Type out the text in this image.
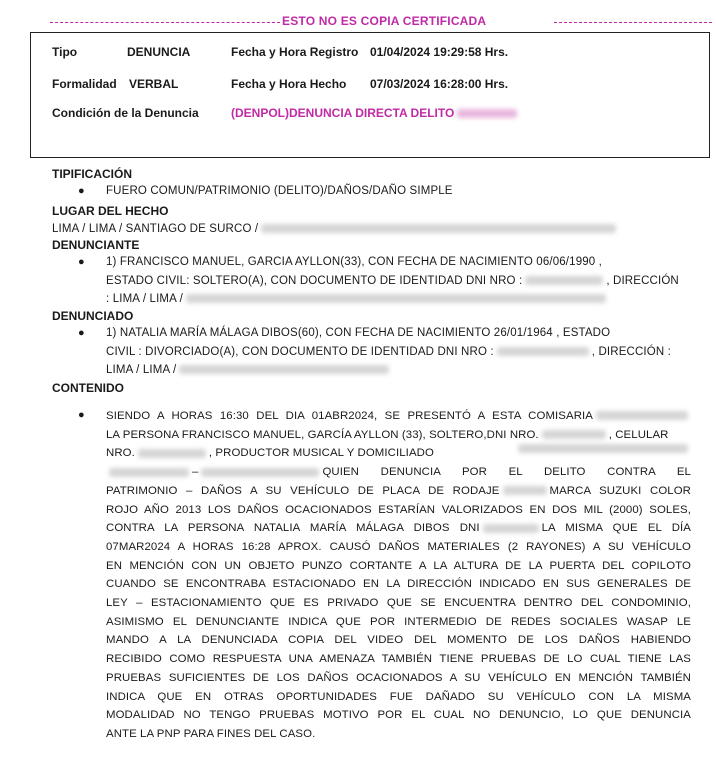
ESTO NO ES COPIA CERTIFICADA
Tipo	DENUNCIA	Fecha y Hora Registro 01/04/2024 19:29:58 Hrs.
Formalidad VERBAL	Fecha y Hora Hecho 07/03/2024 16:28:00 Hrs.
Condición de la Denuncia	(DENPOL)DENUNCIA DIRECTA DELITO
TIPIFICACIÓN
● FUERO COMUN/PATRIMONIO (DELITO)/DAÑOS/DAÑO SIMPLE
LUGAR DEL HECHO
LIMA / LIMA / SANTIAGO DE SURCO /
DENUNCIANTE
● 1) FRANCISCO MANUEL, GARCIA AYLLON(33), CON FECHA DE NACIMIENTO 06/06/1990 ,
ESTADO CIVIL: SOLTERO(A), CON DOCUMENTO DE IDENTIDAD DNI NRO :	, DIRECCIÓN
: LIMA / LIMA /
DENUNCIADO
● 1) NATALIA MARÍA MÁLAGA DIBOS(60), CON FECHA DE NACIMIENTO 26/01/1964 , ESTADO
CIVIL : DIVORCIADO(A), CON DOCUMENTO DE IDENTIDAD DNI NRO :	, DIRECCIÓN :
LIMA / LIMA /
CONTENIDO
● SIENDO A HORAS 16:30 DEL DIA 01ABR2024, SE PRESENTÓ A ESTA COMISARIA
LA PERSONA FRANCISCO MANUEL, GARCÍA AYLLON (33), SOLTERO,DNI NRO.	, CELULAR
NRO.	, PRODUCTOR MUSICAL Y DOMICILIADO
–	QUIEN DENUNCIA POR EL DELITO CONTRA EL
PATRIMONIO – DAÑOS A SU VEHÍCULO DE PLACA DE RODAJE	MARCA SUZUKI COLOR
ROJO AÑO 2013 LOS DAÑOS OCACIONADOS ESTARÍAN VALORIZADOS EN DOS MIL (2000) SOLES,
CONTRA LA PERSONA NATALIA MARÍA MÁLAGA DIBOS DNI	LA MISMA QUE EL DÍA
07MAR2024 A HORAS 16:28 APROX. CAUSÓ DAÑOS MATERIALES (2 RAYONES) A SU VEHÍCULO
EN MENCIÓN CON UN OBJETO PUNZO CORTANTE A LA ALTURA DE LA PUERTA DEL COPILOTO
CUANDO SE ENCONTRABA ESTACIONADO EN LA DIRECCIÓN INDICADO EN SUS GENERALES DE
LEY – ESTACIONAMIENTO QUE ES PRIVADO QUE SE ENCUENTRA DENTRO DEL CONDOMINIO,
ASIMISMO EL DENUNCIANTE INDICA QUE POR INTERMEDIO DE REDES SOCIALES WASAP LE
MANDO A LA DENUNCIADA COPIA DEL VIDEO DEL MOMENTO DE LOS DAÑOS HABIENDO
RECIBIDO COMO RESPUESTA UNA AMENAZA TAMBIÉN TIENE PRUEBAS DE LO CUAL TIENE LAS
PRUEBAS SUFICIENTES DE LOS DAÑOS OCACIONADOS A SU VEHÍCULO EN MENCIÓN TAMBIÉN
INDICA QUE EN OTRAS OPORTUNIDADES FUE DAÑADO SU VEHÍCULO CON LA MISMA
MODALIDAD NO TENGO PRUEBAS MOTIVO POR EL CUAL NO DENUNCIO, LO QUE DENUNCIA
ANTE LA PNP PARA FINES DEL CASO.
